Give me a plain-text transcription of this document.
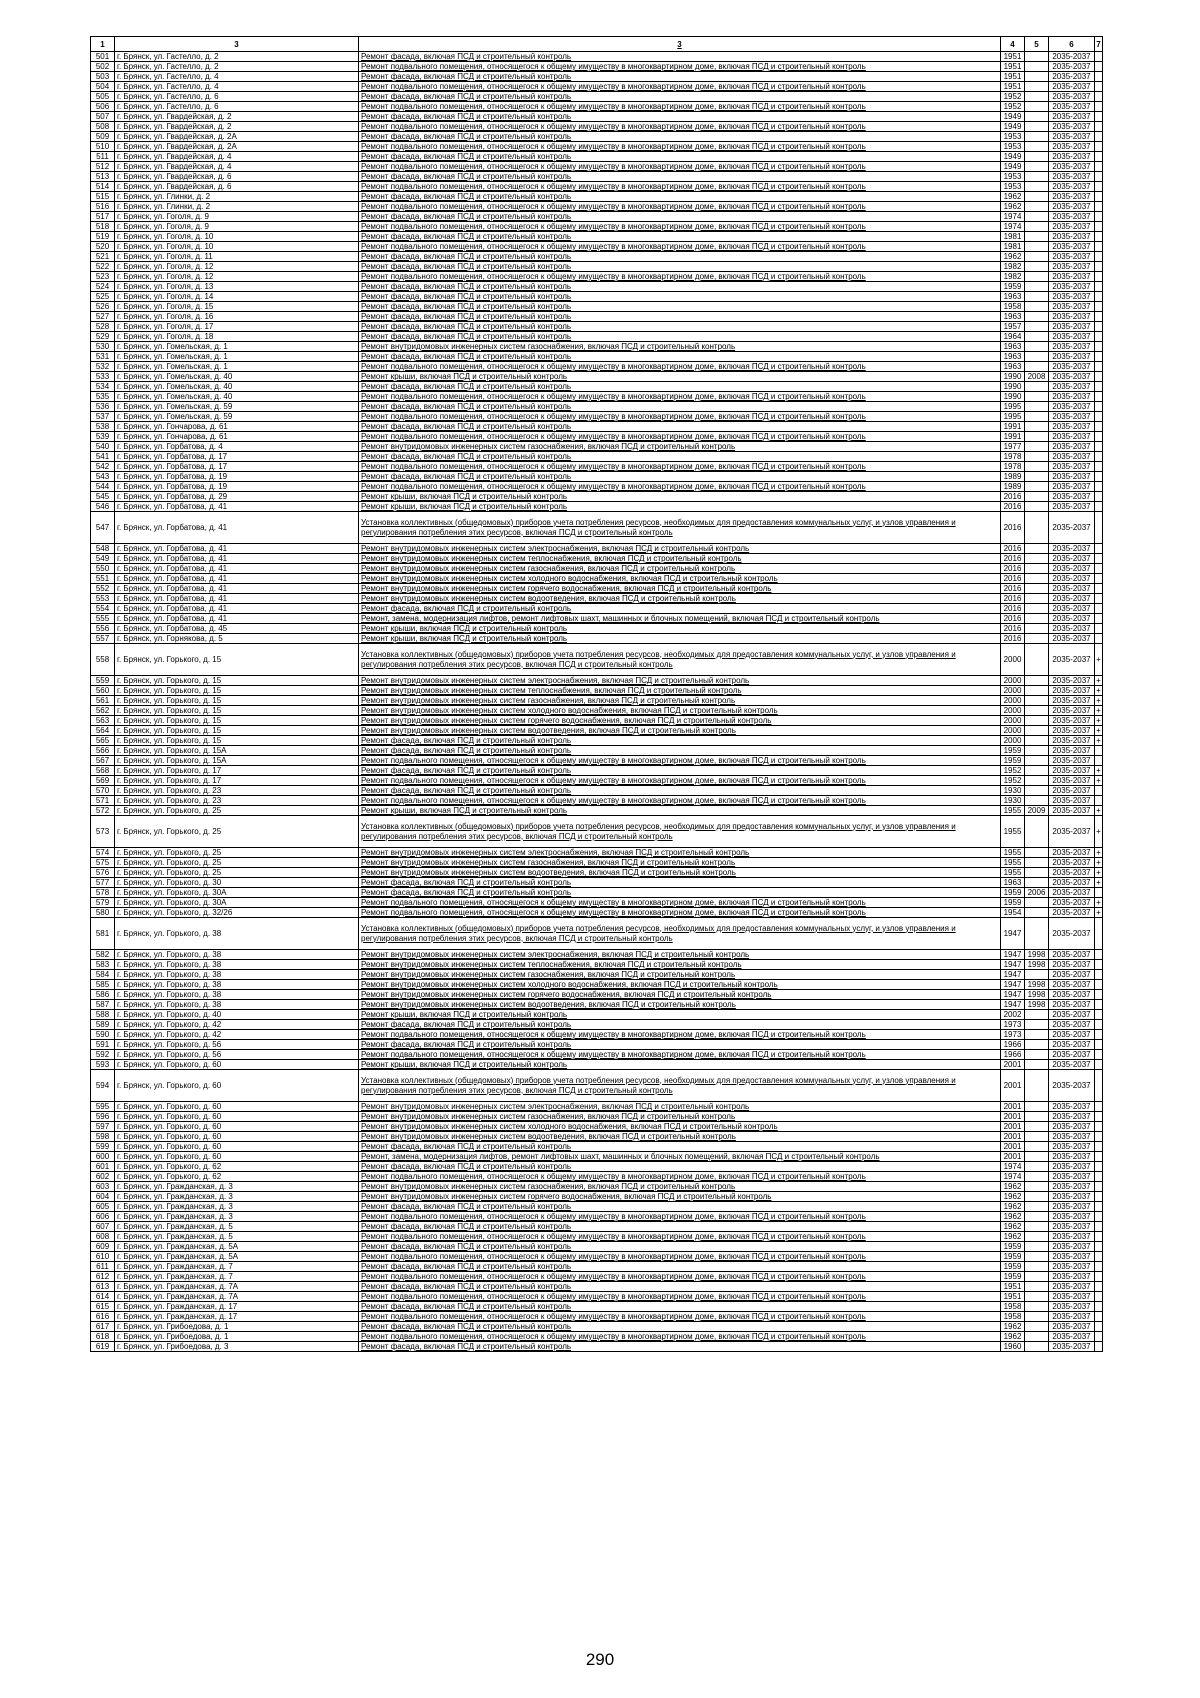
1	3	3	4	5	6	7
501	г. Брянск, ул. Гастелло, д. 2	Ремонт фасада, включая ПСД и строительный контроль	1951		2035-2037	
502	г. Брянск, ул. Гастелло, д. 2	Ремонт подвального помещения, относящегося к общему имуществу в многоквартирном доме, включая ПСД и строительный контроль	1951		2035-2037	
503	г. Брянск, ул. Гастелло, д. 4	Ремонт фасада, включая ПСД и строительный контроль	1951		2035-2037	
504	г. Брянск, ул. Гастелло, д. 4	Ремонт подвального помещения, относящегося к общему имуществу в многоквартирном доме, включая ПСД и строительный контроль	1951		2035-2037	
505	г. Брянск, ул. Гастелло, д. 6	Ремонт фасада, включая ПСД и строительный контроль	1952		2035-2037	
506	г. Брянск, ул. Гастелло, д. 6	Ремонт подвального помещения, относящегося к общему имуществу в многоквартирном доме, включая ПСД и строительный контроль	1952		2035-2037	
507	г. Брянск, ул. Гвардейская, д. 2	Ремонт фасада, включая ПСД и строительный контроль	1949		2035-2037	
508	г. Брянск, ул. Гвардейская, д. 2	Ремонт подвального помещения, относящегося к общему имуществу в многоквартирном доме, включая ПСД и строительный контроль	1949		2035-2037	
509	г. Брянск, ул. Гвардейская, д. 2А	Ремонт фасада, включая ПСД и строительный контроль	1953		2035-2037	
510	г. Брянск, ул. Гвардейская, д. 2А	Ремонт подвального помещения, относящегося к общему имуществу в многоквартирном доме, включая ПСД и строительный контроль	1953		2035-2037	
511	г. Брянск, ул. Гвардейская, д. 4	Ремонт фасада, включая ПСД и строительный контроль	1949		2035-2037	
512	г. Брянск, ул. Гвардейская, д. 4	Ремонт подвального помещения, относящегося к общему имуществу в многоквартирном доме, включая ПСД и строительный контроль	1949		2035-2037	
513	г. Брянск, ул. Гвардейская, д. 6	Ремонт фасада, включая ПСД и строительный контроль	1953		2035-2037	
514	г. Брянск, ул. Гвардейская, д. 6	Ремонт подвального помещения, относящегося к общему имуществу в многоквартирном доме, включая ПСД и строительный контроль	1953		2035-2037	
515	г. Брянск, ул. Глинки, д. 2	Ремонт фасада, включая ПСД и строительный контроль	1962		2035-2037	
516	г. Брянск, ул. Глинки, д. 2	Ремонт подвального помещения, относящегося к общему имуществу в многоквартирном доме, включая ПСД и строительный контроль	1962		2035-2037	
517	г. Брянск, ул. Гоголя, д. 9	Ремонт фасада, включая ПСД и строительный контроль	1974		2035-2037	
518	г. Брянск, ул. Гоголя, д. 9	Ремонт подвального помещения, относящегося к общему имуществу в многоквартирном доме, включая ПСД и строительный контроль	1974		2035-2037	
519	г. Брянск, ул. Гоголя, д. 10	Ремонт фасада, включая ПСД и строительный контроль	1981		2035-2037	
520	г. Брянск, ул. Гоголя, д. 10	Ремонт подвального помещения, относящегося к общему имуществу в многоквартирном доме, включая ПСД и строительный контроль	1981		2035-2037	
521	г. Брянск, ул. Гоголя, д. 11	Ремонт фасада, включая ПСД и строительный контроль	1962		2035-2037	
522	г. Брянск, ул. Гоголя, д. 12	Ремонт фасада, включая ПСД и строительный контроль	1982		2035-2037	
523	г. Брянск, ул. Гоголя, д. 12	Ремонт подвального помещения, относящегося к общему имуществу в многоквартирном доме, включая ПСД и строительный контроль	1982		2035-2037	
524	г. Брянск, ул. Гоголя, д. 13	Ремонт фасада, включая ПСД и строительный контроль	1959		2035-2037	
525	г. Брянск, ул. Гоголя, д. 14	Ремонт фасада, включая ПСД и строительный контроль	1963		2035-2037	
526	г. Брянск, ул. Гоголя, д. 15	Ремонт фасада, включая ПСД и строительный контроль	1958		2035-2037	
527	г. Брянск, ул. Гоголя, д. 16	Ремонт фасада, включая ПСД и строительный контроль	1963		2035-2037	
528	г. Брянск, ул. Гоголя, д. 17	Ремонт фасада, включая ПСД и строительный контроль	1957		2035-2037	
529	г. Брянск, ул. Гоголя, д. 18	Ремонт фасада, включая ПСД и строительный контроль	1964		2035-2037	
530	г. Брянск, ул. Гомельская, д. 1	Ремонт внутридомовых инженерных систем газоснабжения, включая ПСД и строительный контроль	1963		2035-2037	
531	г. Брянск, ул. Гомельская, д. 1	Ремонт фасада, включая ПСД и строительный контроль	1963		2035-2037	
532	г. Брянск, ул. Гомельская, д. 1	Ремонт подвального помещения, относящегося к общему имуществу в многоквартирном доме, включая ПСД и строительный контроль	1963		2035-2037	
533	г. Брянск, ул. Гомельская, д. 40	Ремонт крыши, включая ПСД и строительный контроль	1990	2008	2035-2037	
534	г. Брянск, ул. Гомельская, д. 40	Ремонт фасада, включая ПСД и строительный контроль	1990		2035-2037	
535	г. Брянск, ул. Гомельская, д. 40	Ремонт подвального помещения, относящегося к общему имуществу в многоквартирном доме, включая ПСД и строительный контроль	1990		2035-2037	
536	г. Брянск, ул. Гомельская, д. 59	Ремонт фасада, включая ПСД и строительный контроль	1995		2035-2037	
537	г. Брянск, ул. Гомельская, д. 59	Ремонт подвального помещения, относящегося к общему имуществу в многоквартирном доме, включая ПСД и строительный контроль	1995		2035-2037	
538	г. Брянск, ул. Гончарова, д. 61	Ремонт фасада, включая ПСД и строительный контроль	1991		2035-2037	
539	г. Брянск, ул. Гончарова, д. 61	Ремонт подвального помещения, относящегося к общему имуществу в многоквартирном доме, включая ПСД и строительный контроль	1991		2035-2037	
540	г. Брянск, ул. Горбатова, д. 4	Ремонт внутридомовых инженерных систем газоснабжения, включая ПСД и строительный контроль	1977		2035-2037	
541	г. Брянск, ул. Горбатова, д. 17	Ремонт фасада, включая ПСД и строительный контроль	1978		2035-2037	
542	г. Брянск, ул. Горбатова, д. 17	Ремонт подвального помещения, относящегося к общему имуществу в многоквартирном доме, включая ПСД и строительный контроль	1978		2035-2037	
543	г. Брянск, ул. Горбатова, д. 19	Ремонт фасада, включая ПСД и строительный контроль	1989		2035-2037	
544	г. Брянск, ул. Горбатова, д. 19	Ремонт подвального помещения, относящегося к общему имуществу в многоквартирном доме, включая ПСД и строительный контроль	1989		2035-2037	
545	г. Брянск, ул. Горбатова, д. 29	Ремонт крыши, включая ПСД и строительный контроль	2016		2035-2037	
546	г. Брянск, ул. Горбатова, д. 41	Ремонт крыши, включая ПСД и строительный контроль	2016		2035-2037	
547	г. Брянск, ул. Горбатова, д. 41	Установка коллективных (общедомовых) приборов учета потребления ресурсов, необходимых для предоставления коммунальных услуг, и узлов управления и регулирования потребления этих ресурсов, включая ПСД и строительный контроль	2016		2035-2037	
548	г. Брянск, ул. Горбатова, д. 41	Ремонт внутридомовых инженерных систем электроснабжения, включая ПСД и строительный контроль	2016		2035-2037	
549	г. Брянск, ул. Горбатова, д. 41	Ремонт внутридомовых инженерных систем теплоснабжения, включая ПСД и строительный контроль	2016		2035-2037	
550	г. Брянск, ул. Горбатова, д. 41	Ремонт внутридомовых инженерных систем газоснабжения, включая ПСД и строительный контроль	2016		2035-2037	
551	г. Брянск, ул. Горбатова, д. 41	Ремонт внутридомовых инженерных систем холодного водоснабжения, включая ПСД и строительный контроль	2016		2035-2037	
552	г. Брянск, ул. Горбатова, д. 41	Ремонт внутридомовых инженерных систем горячего водоснабжения, включая ПСД и строительный контроль	2016		2035-2037	
553	г. Брянск, ул. Горбатова, д. 41	Ремонт внутридомовых инженерных систем водоотведения, включая ПСД и строительный контроль	2016		2035-2037	
554	г. Брянск, ул. Горбатова, д. 41	Ремонт фасада, включая ПСД и строительный контроль	2016		2035-2037	
555	г. Брянск, ул. Горбатова, д. 41	Ремонт, замена, модернизация лифтов, ремонт лифтовых шахт, машинных и блочных помещений, включая ПСД и строительный контроль	2016		2035-2037	
556	г. Брянск, ул. Горбатова, д. 45	Ремонт крыши, включая ПСД и строительный контроль	2016		2035-2037	
557	г. Брянск, ул. Горнякова, д. 5	Ремонт крыши, включая ПСД и строительный контроль	2016		2035-2037	
558	г. Брянск, ул. Горького, д. 15	Установка коллективных (общедомовых) приборов учета потребления ресурсов, необходимых для предоставления коммунальных услуг, и узлов управления и регулирования потребления этих ресурсов, включая ПСД и строительный контроль	2000		2035-2037	+
559	г. Брянск, ул. Горького, д. 15	Ремонт внутридомовых инженерных систем электроснабжения, включая ПСД и строительный контроль	2000		2035-2037	+
560	г. Брянск, ул. Горького, д. 15	Ремонт внутридомовых инженерных систем теплоснабжения, включая ПСД и строительный контроль	2000		2035-2037	+
561	г. Брянск, ул. Горького, д. 15	Ремонт внутридомовых инженерных систем газоснабжения, включая ПСД и строительный контроль	2000		2035-2037	+
562	г. Брянск, ул. Горького, д. 15	Ремонт внутридомовых инженерных систем холодного водоснабжения, включая ПСД и строительный контроль	2000		2035-2037	+
563	г. Брянск, ул. Горького, д. 15	Ремонт внутридомовых инженерных систем горячего водоснабжения, включая ПСД и строительный контроль	2000		2035-2037	+
564	г. Брянск, ул. Горького, д. 15	Ремонт внутридомовых инженерных систем водоотведения, включая ПСД и строительный контроль	2000		2035-2037	+
565	г. Брянск, ул. Горького, д. 15	Ремонт фасада, включая ПСД и строительный контроль	2000		2035-2037	+
566	г. Брянск, ул. Горького, д. 15А	Ремонт фасада, включая ПСД и строительный контроль	1959		2035-2037	
567	г. Брянск, ул. Горького, д. 15А	Ремонт подвального помещения, относящегося к общему имуществу в многоквартирном доме, включая ПСД и строительный контроль	1959		2035-2037	
568	г. Брянск, ул. Горького, д. 17	Ремонт фасада, включая ПСД и строительный контроль	1952		2035-2037	+
569	г. Брянск, ул. Горького, д. 17	Ремонт подвального помещения, относящегося к общему имуществу в многоквартирном доме, включая ПСД и строительный контроль	1952		2035-2037	+
570	г. Брянск, ул. Горького, д. 23	Ремонт фасада, включая ПСД и строительный контроль	1930		2035-2037	
571	г. Брянск, ул. Горького, д. 23	Ремонт подвального помещения, относящегося к общему имуществу в многоквартирном доме, включая ПСД и строительный контроль	1930		2035-2037	
572	г. Брянск, ул. Горького, д. 25	Ремонт крыши, включая ПСД и строительный контроль	1955	2009	2035-2037	+
573	г. Брянск, ул. Горького, д. 25	Установка коллективных (общедомовых) приборов учета потребления ресурсов, необходимых для предоставления коммунальных услуг, и узлов управления и регулирования потребления этих ресурсов, включая ПСД и строительный контроль	1955		2035-2037	+
574	г. Брянск, ул. Горького, д. 25	Ремонт внутридомовых инженерных систем электроснабжения, включая ПСД и строительный контроль	1955		2035-2037	+
575	г. Брянск, ул. Горького, д. 25	Ремонт внутридомовых инженерных систем газоснабжения, включая ПСД и строительный контроль	1955		2035-2037	+
576	г. Брянск, ул. Горького, д. 25	Ремонт внутридомовых инженерных систем водоотведения, включая ПСД и строительный контроль	1955		2035-2037	+
577	г. Брянск, ул. Горького, д. 30	Ремонт фасада, включая ПСД и строительный контроль	1963		2035-2037	+
578	г. Брянск, ул. Горького, д. 30А	Ремонт фасада, включая ПСД и строительный контроль	1959	2006	2035-2037	
579	г. Брянск, ул. Горького, д. 30А	Ремонт подвального помещения, относящегося к общему имуществу в многоквартирном доме, включая ПСД и строительный контроль	1959		2035-2037	+
580	г. Брянск, ул. Горького, д. 32/26	Ремонт подвального помещения, относящегося к общему имуществу в многоквартирном доме, включая ПСД и строительный контроль	1954		2035-2037	+
581	г. Брянск, ул. Горького, д. 38	Установка коллективных (общедомовых) приборов учета потребления ресурсов, необходимых для предоставления коммунальных услуг, и узлов управления и регулирования потребления этих ресурсов, включая ПСД и строительный контроль	1947		2035-2037	
582	г. Брянск, ул. Горького, д. 38	Ремонт внутридомовых инженерных систем электроснабжения, включая ПСД и строительный контроль	1947	1998	2035-2037	
583	г. Брянск, ул. Горького, д. 38	Ремонт внутридомовых инженерных систем теплоснабжения, включая ПСД и строительный контроль	1947	1998	2035-2037	
584	г. Брянск, ул. Горького, д. 38	Ремонт внутридомовых инженерных систем газоснабжения, включая ПСД и строительный контроль	1947		2035-2037	
585	г. Брянск, ул. Горького, д. 38	Ремонт внутридомовых инженерных систем холодного водоснабжения, включая ПСД и строительный контроль	1947	1998	2035-2037	
586	г. Брянск, ул. Горького, д. 38	Ремонт внутридомовых инженерных систем горячего водоснабжения, включая ПСД и строительный контроль	1947	1998	2035-2037	
587	г. Брянск, ул. Горького, д. 38	Ремонт внутридомовых инженерных систем водоотведения, включая ПСД и строительный контроль	1947	1998	2035-2037	
588	г. Брянск, ул. Горького, д. 40	Ремонт крыши, включая ПСД и строительный контроль	2002		2035-2037	
589	г. Брянск, ул. Горького, д. 42	Ремонт фасада, включая ПСД и строительный контроль	1973		2035-2037	
590	г. Брянск, ул. Горького, д. 42	Ремонт подвального помещения, относящегося к общему имуществу в многоквартирном доме, включая ПСД и строительный контроль	1973		2035-2037	
591	г. Брянск, ул. Горького, д. 56	Ремонт фасада, включая ПСД и строительный контроль	1966		2035-2037	
592	г. Брянск, ул. Горького, д. 56	Ремонт подвального помещения, относящегося к общему имуществу в многоквартирном доме, включая ПСД и строительный контроль	1966		2035-2037	
593	г. Брянск, ул. Горького, д. 60	Ремонт крыши, включая ПСД и строительный контроль	2001		2035-2037	
594	г. Брянск, ул. Горького, д. 60	Установка коллективных (общедомовых) приборов учета потребления ресурсов, необходимых для предоставления коммунальных услуг, и узлов управления и регулирования потребления этих ресурсов, включая ПСД и строительный контроль	2001		2035-2037	
595	г. Брянск, ул. Горького, д. 60	Ремонт внутридомовых инженерных систем электроснабжения, включая ПСД и строительный контроль	2001		2035-2037	
596	г. Брянск, ул. Горького, д. 60	Ремонт внутридомовых инженерных систем газоснабжения, включая ПСД и строительный контроль	2001		2035-2037	
597	г. Брянск, ул. Горького, д. 60	Ремонт внутридомовых инженерных систем холодного водоснабжения, включая ПСД и строительный контроль	2001		2035-2037	
598	г. Брянск, ул. Горького, д. 60	Ремонт внутридомовых инженерных систем водоотведения, включая ПСД и строительный контроль	2001		2035-2037	
599	г. Брянск, ул. Горького, д. 60	Ремонт фасада, включая ПСД и строительный контроль	2001		2035-2037	
600	г. Брянск, ул. Горького, д. 60	Ремонт, замена, модернизация лифтов, ремонт лифтовых шахт, машинных и блочных помещений, включая ПСД и строительный контроль	2001		2035-2037	
601	г. Брянск, ул. Горького, д. 62	Ремонт фасада, включая ПСД и строительный контроль	1974		2035-2037	
602	г. Брянск, ул. Горького, д. 62	Ремонт подвального помещения, относящегося к общему имуществу в многоквартирном доме, включая ПСД и строительный контроль	1974		2035-2037	
603	г. Брянск, ул. Гражданская, д. 3	Ремонт внутридомовых инженерных систем газоснабжения, включая ПСД и строительный контроль	1962		2035-2037	
604	г. Брянск, ул. Гражданская, д. 3	Ремонт внутридомовых инженерных систем горячего водоснабжения, включая ПСД и строительный контроль	1962		2035-2037	
605	г. Брянск, ул. Гражданская, д. 3	Ремонт фасада, включая ПСД и строительный контроль	1962		2035-2037	
606	г. Брянск, ул. Гражданская, д. 3	Ремонт подвального помещения, относящегося к общему имуществу в многоквартирном доме, включая ПСД и строительный контроль	1962		2035-2037	
607	г. Брянск, ул. Гражданская, д. 5	Ремонт фасада, включая ПСД и строительный контроль	1962		2035-2037	
608	г. Брянск, ул. Гражданская, д. 5	Ремонт подвального помещения, относящегося к общему имуществу в многоквартирном доме, включая ПСД и строительный контроль	1962		2035-2037	
609	г. Брянск, ул. Гражданская, д. 5А	Ремонт фасада, включая ПСД и строительный контроль	1959		2035-2037	
610	г. Брянск, ул. Гражданская, д. 5А	Ремонт подвального помещения, относящегося к общему имуществу в многоквартирном доме, включая ПСД и строительный контроль	1959		2035-2037	
611	г. Брянск, ул. Гражданская, д. 7	Ремонт фасада, включая ПСД и строительный контроль	1959		2035-2037	
612	г. Брянск, ул. Гражданская, д. 7	Ремонт подвального помещения, относящегося к общему имуществу в многоквартирном доме, включая ПСД и строительный контроль	1959		2035-2037	
613	г. Брянск, ул. Гражданская, д. 7А	Ремонт фасада, включая ПСД и строительный контроль	1951		2035-2037	
614	г. Брянск, ул. Гражданская, д. 7А	Ремонт подвального помещения, относящегося к общему имуществу в многоквартирном доме, включая ПСД и строительный контроль	1951		2035-2037	
615	г. Брянск, ул. Гражданская, д. 17	Ремонт фасада, включая ПСД и строительный контроль	1958		2035-2037	
616	г. Брянск, ул. Гражданская, д. 17	Ремонт подвального помещения, относящегося к общему имуществу в многоквартирном доме, включая ПСД и строительный контроль	1958		2035-2037	
617	г. Брянск, ул. Грибоедова, д. 1	Ремонт фасада, включая ПСД и строительный контроль	1962		2035-2037	
618	г. Брянск, ул. Грибоедова, д. 1	Ремонт подвального помещения, относящегося к общему имуществу в многоквартирном доме, включая ПСД и строительный контроль	1962		2035-2037	
619	г. Брянск, ул. Грибоедова, д. 3	Ремонт фасада, включая ПСД и строительный контроль	1960		2035-2037	
290
